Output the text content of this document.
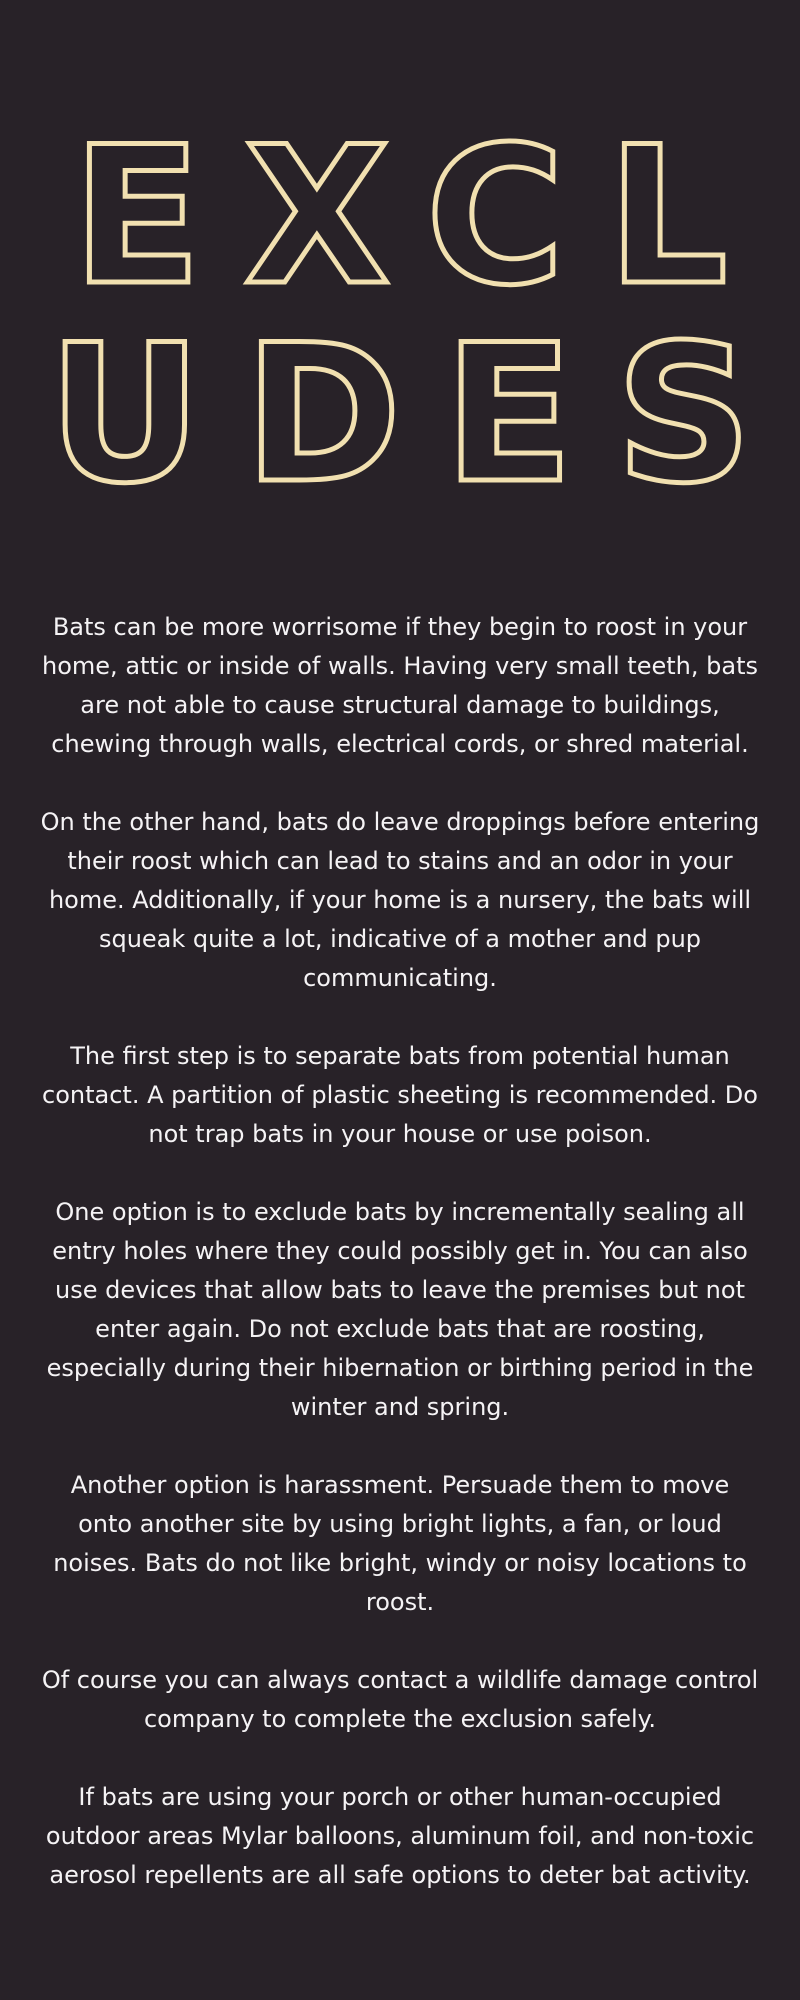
EXCL
UDES

Bats can be more worrisome if they begin to roost in your home, attic or inside of walls. Having very small teeth, bats are not able to cause structural damage to buildings, chewing through walls, electrical cords, or shred material.

On the other hand, bats do leave droppings before entering their roost which can lead to stains and an odor in your home. Additionally, if your home is a nursery, the bats will squeak quite a lot, indicative of a mother and pup communicating.

The first step is to separate bats from potential human contact. A partition of plastic sheeting is recommended. Do not trap bats in your house or use poison.

One option is to exclude bats by incrementally sealing all entry holes where they could possibly get in. You can also use devices that allow bats to leave the premises but not enter again. Do not exclude bats that are roosting, especially during their hibernation or birthing period in the winter and spring.

Another option is harassment. Persuade them to move onto another site by using bright lights, a fan, or loud noises. Bats do not like bright, windy or noisy locations to roost.

Of course you can always contact a wildlife damage control company to complete the exclusion safely.

If bats are using your porch or other human-occupied outdoor areas Mylar balloons, aluminum foil, and non-toxic aerosol repellents are all safe options to deter bat activity.
